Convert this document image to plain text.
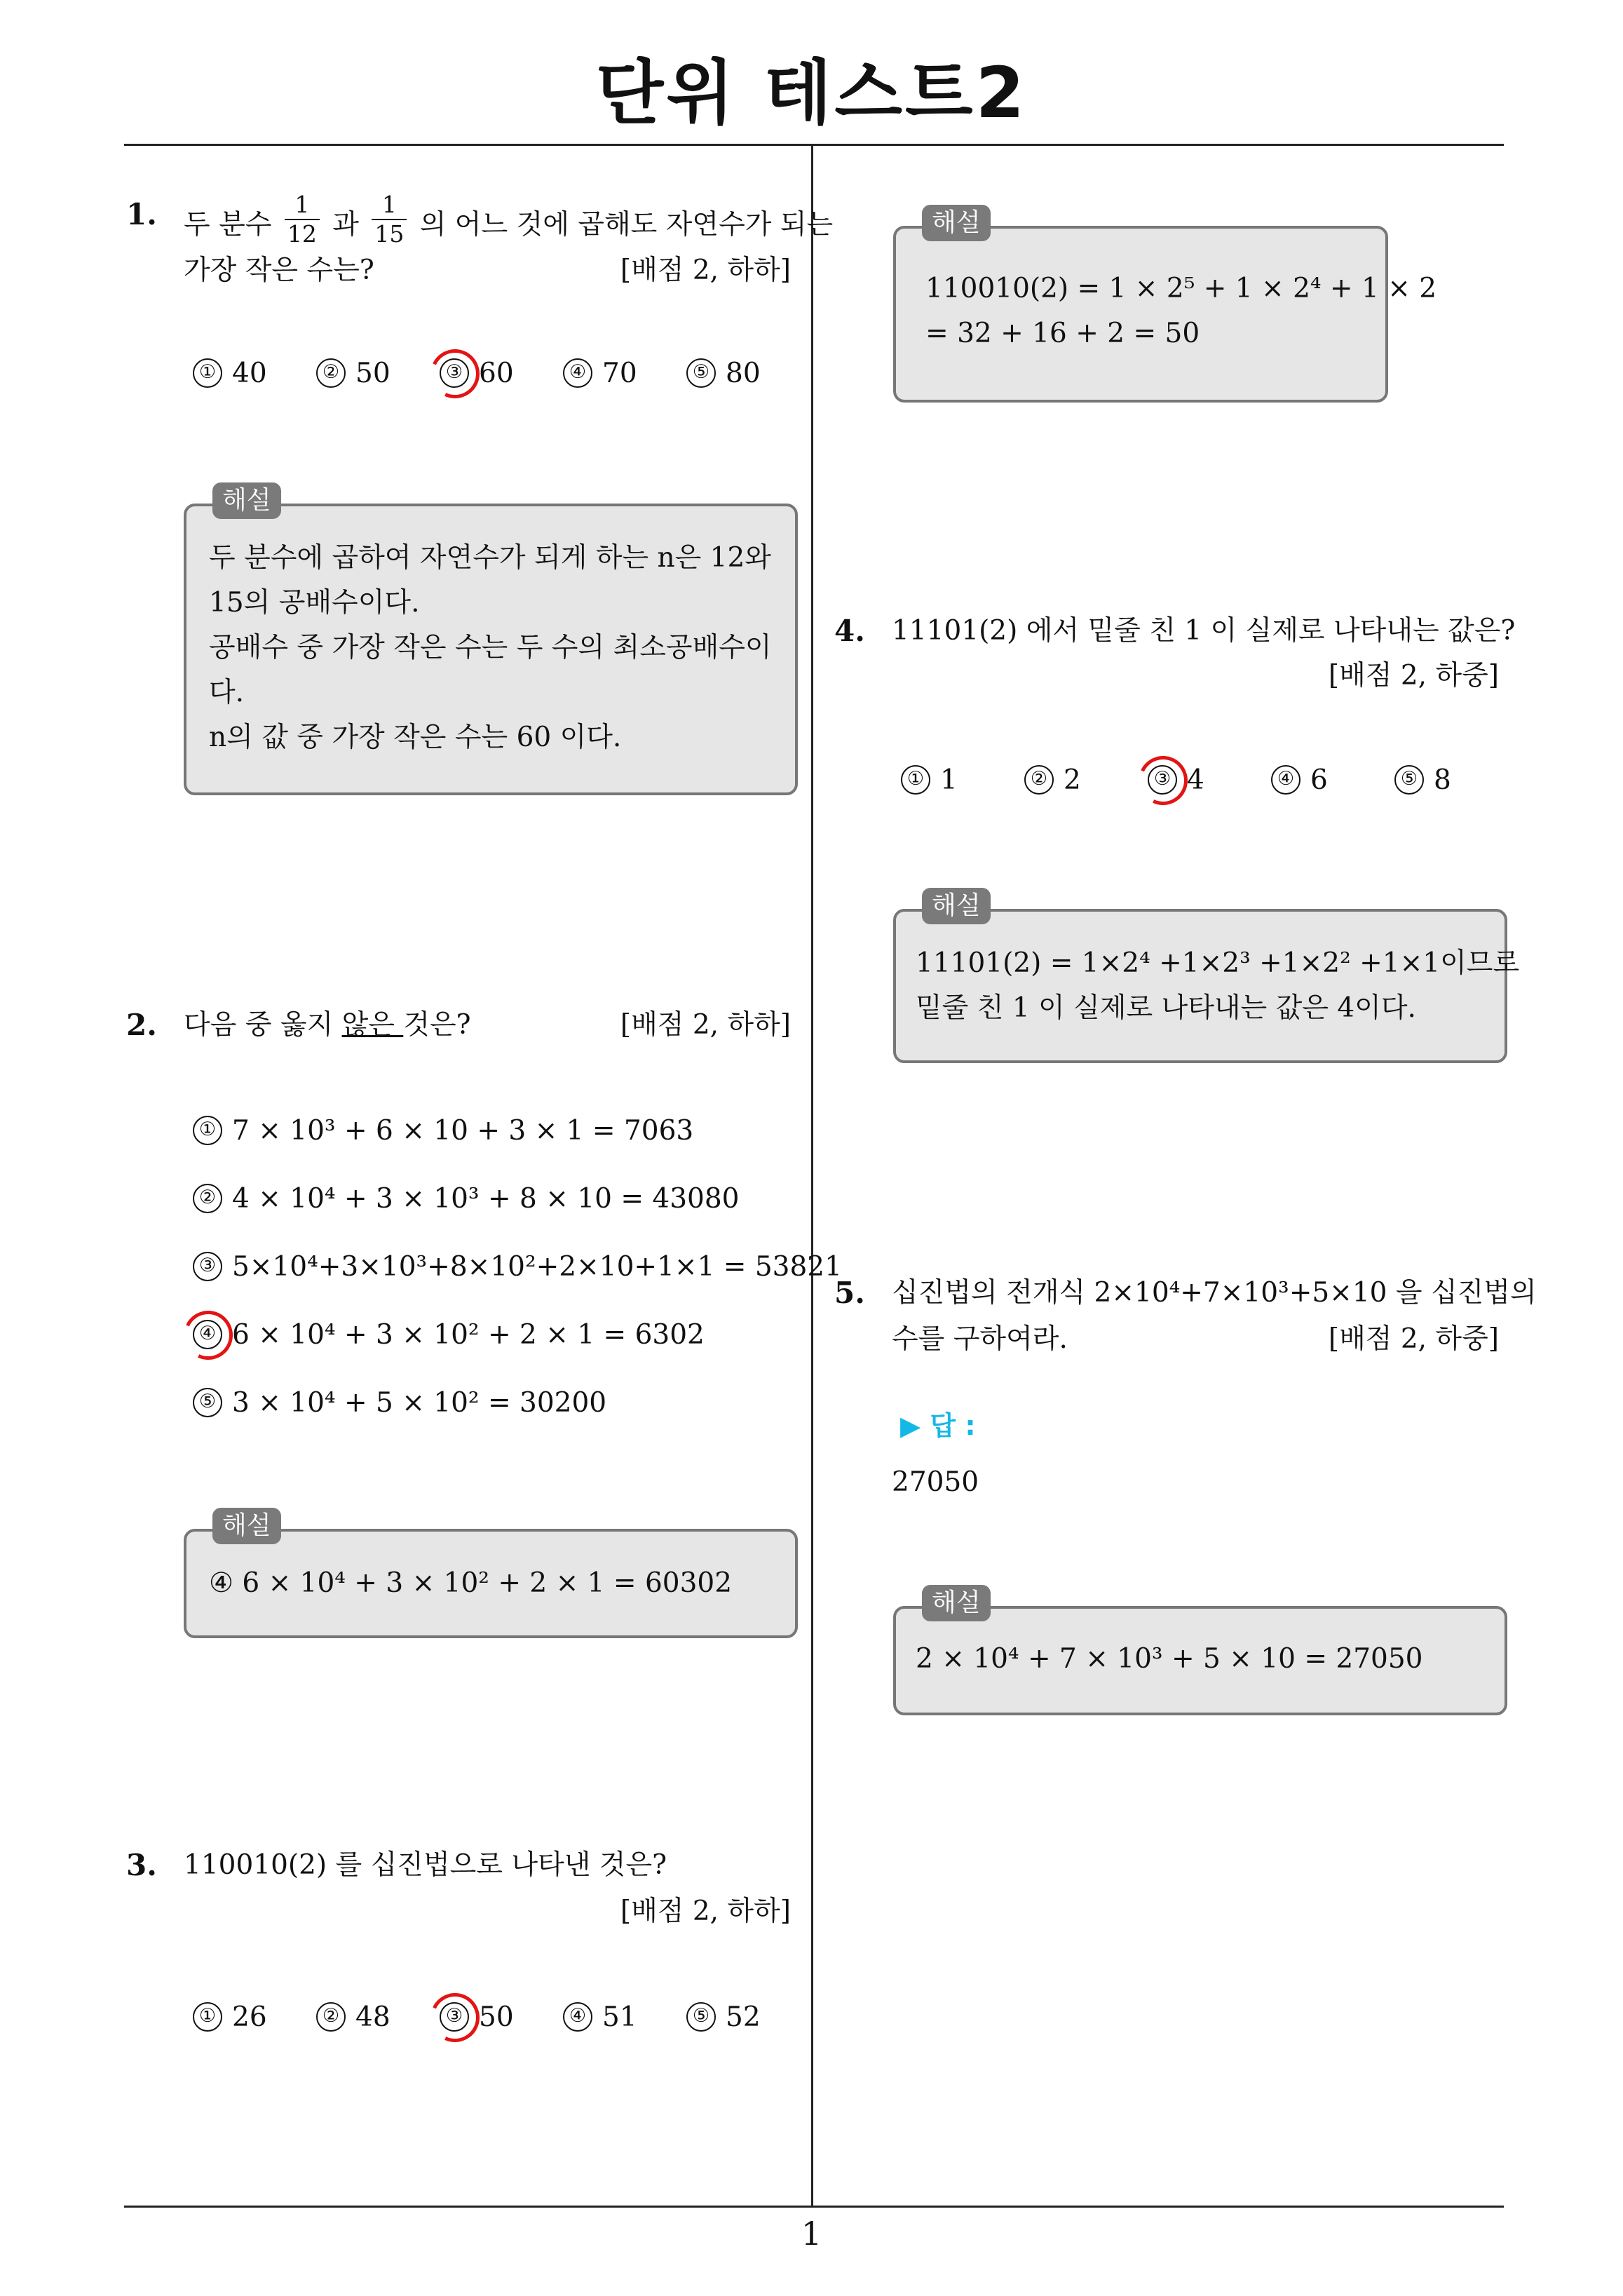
단위 테스트2
1
1. 두 분수 $\frac{1}{12}$ 과 $\frac{1}{15}$ 의 어느 것에 곱해도 자연수가 되는
가장 작은 수는?	[배점 2, 하하]
① 40	② 50	③ 60	④ 70	⑤ 80
해설
두 분수에 곱하여 자연수가 되게 하는 n은 12와
15의 공배수이다.
공배수 중 가장 작은 수는 두 수의 최소공배수이
다.
n의 값 중 가장 작은 수는 60 이다.
2. 다음 중 옳지 않은 것은?	[배점 2, 하하]
① 7 × 10³ + 6 × 10 + 3 × 1 = 7063
② 4 × 10⁴ + 3 × 10³ + 8 × 10 = 43080
③ 5×10⁴+3×10³+8×10²+2×10+1×1 = 53821
④ 6 × 10⁴ + 3 × 10² + 2 × 1 = 6302
⑤ 3 × 10⁴ + 5 × 10² = 30200
해설
④ 6 × 10⁴ + 3 × 10² + 2 × 1 = 60302
3. 110010(2) 를 십진법으로 나타낸 것은?
[배점 2, 하하]
① 26	② 48	③ 50	④ 51	⑤ 52
해설
110010(2) = 1 × 2⁵ + 1 × 2⁴ + 1 × 2
= 32 + 16 + 2 = 50
4. 11101(2) 에서 밑줄 친 1 이 실제로 나타내는 값은?
[배점 2, 하중]
① 1	② 2	③ 4	④ 6	⑤ 8
해설
11101(2) = 1×2⁴ +1×2³ +1×2² +1×1이므로
밑줄 친 1 이 실제로 나타내는 값은 4이다.
5. 십진법의 전개식 2×10⁴+7×10³+5×10 을 십진법의
수를 구하여라.	[배점 2, 하중]
▶ 답 :
27050
해설
2 × 10⁴ + 7 × 10³ + 5 × 10 = 27050
